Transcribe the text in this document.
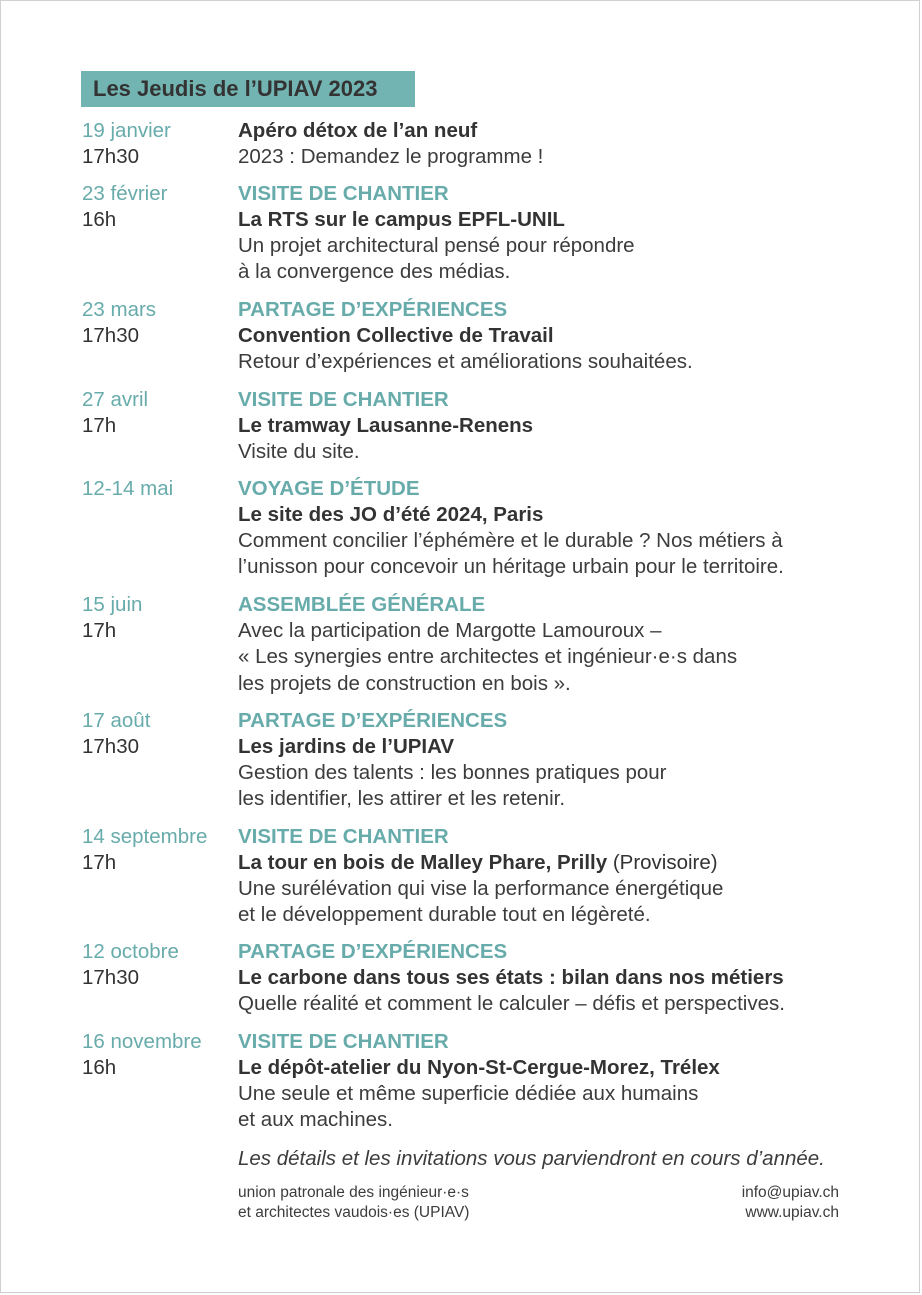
Les Jeudis de l’UPIAV 2023
19 janvier
17h30
Apéro détox de l’an neuf
2023 : Demandez le programme !
23 février
16h
VISITE DE CHANTIER
La RTS sur le campus EPFL-UNIL
Un projet architectural pensé pour répondre
à la convergence des médias.
23 mars
17h30
PARTAGE D’EXPÉRIENCES
Convention Collective de Travail
Retour d’expériences et améliorations souhaitées.
27 avril
17h
VISITE DE CHANTIER
Le tramway Lausanne-Renens
Visite du site.
12-14 mai	VOYAGE D’ÉTUDE
Le site des JO d’été 2024, Paris
Comment concilier l’éphémère et le durable ? Nos métiers à
l’unisson pour concevoir un héritage urbain pour le territoire.
15 juin
17h
ASSEMBLÉE GÉNÉRALE
Avec la participation de Margotte Lamouroux –
« Les synergies entre architectes et ingénieur·e·s dans
les projets de construction en bois ».
17 août
17h30
PARTAGE D’EXPÉRIENCES
Les jardins de l’UPIAV
Gestion des talents : les bonnes pratiques pour
les identifier, les attirer et les retenir.
14 septembre
17h
VISITE DE CHANTIER
La tour en bois de Malley Phare, Prilly (Provisoire)
Une surélévation qui vise la performance énergétique
et le développement durable tout en légèreté.
12 octobre
17h30
PARTAGE D’EXPÉRIENCES
Le carbone dans tous ses états : bilan dans nos métiers
Quelle réalité et comment le calculer – défis et perspectives.
16 novembre
16h
VISITE DE CHANTIER
Le dépôt-atelier du Nyon-St-Cergue-Morez, Trélex
Une seule et même superficie dédiée aux humains
et aux machines.
Les détails et les invitations vous parviendront en cours d’année.
union patronale des ingénieur·e·s
et architectes vaudois·es (UPIAV)
info@upiav.ch
www.upiav.ch
